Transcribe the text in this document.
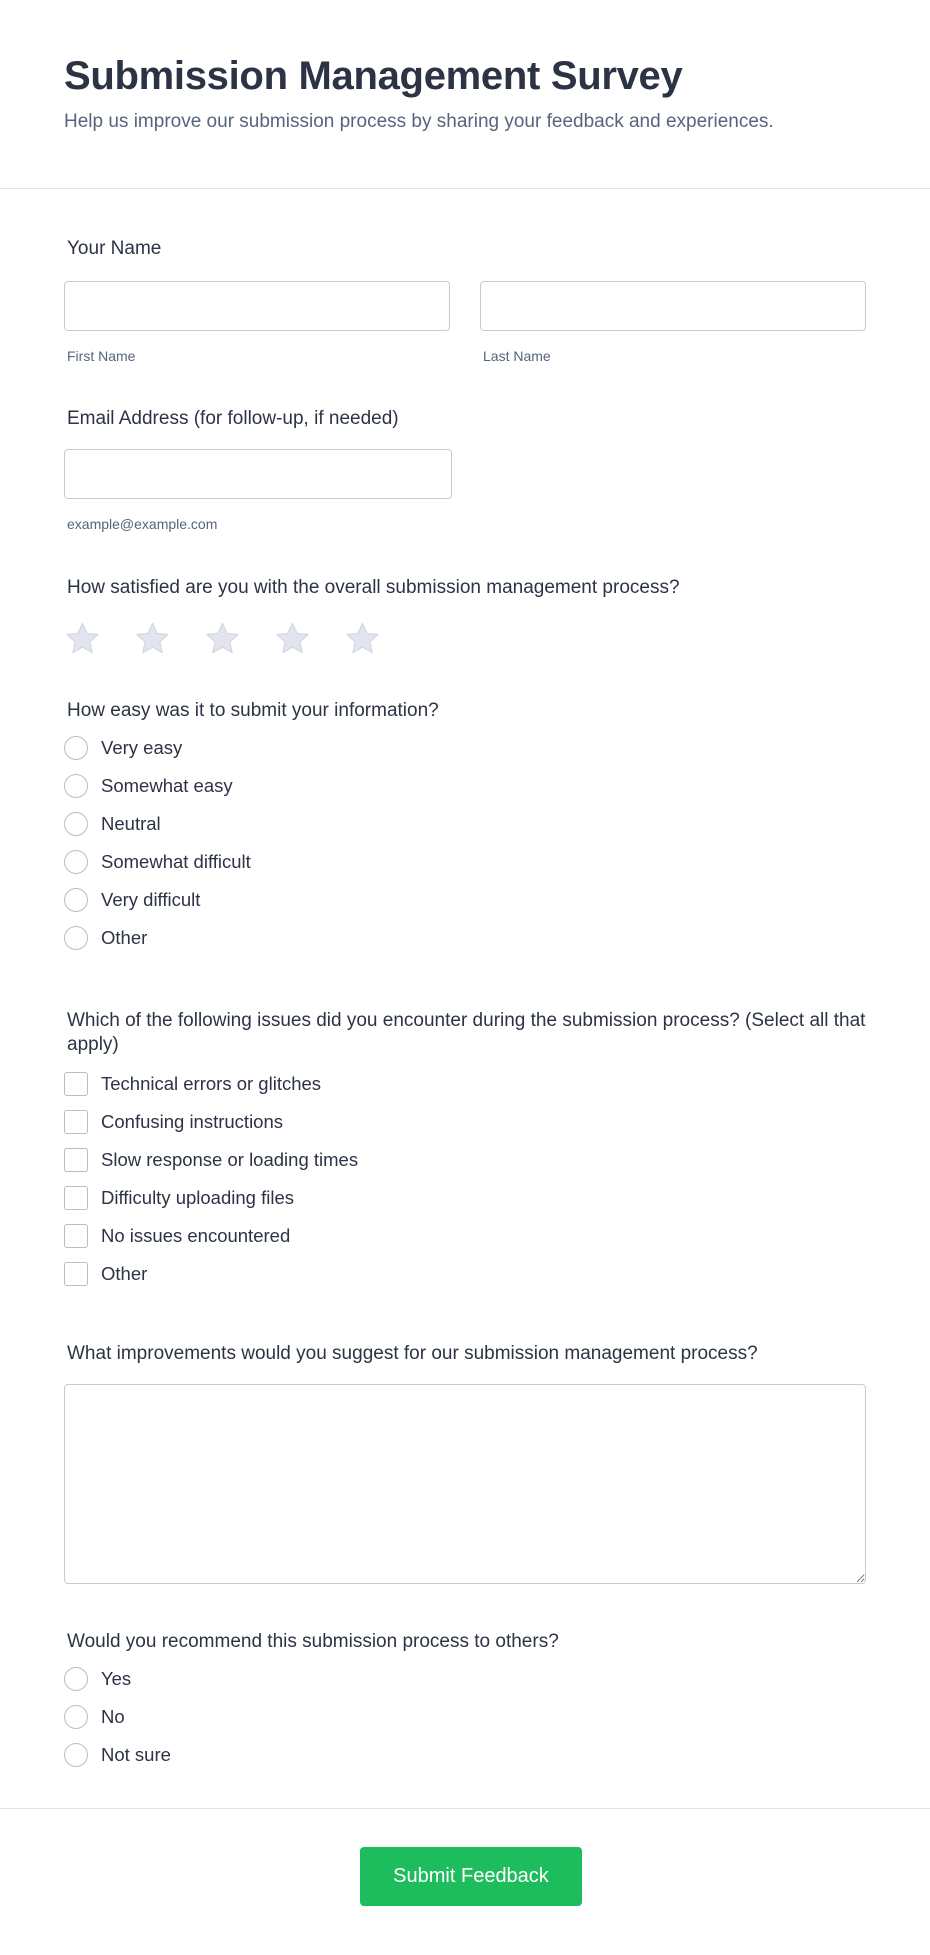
Submission Management Survey

Help us improve our submission process by sharing your feedback and experiences.

Your Name
First Name	Last Name
Email Address (for follow-up, if needed)
example@example.com
How satisfied are you with the overall submission management process?
How easy was it to submit your information?
Very easy
Somewhat easy
Neutral
Somewhat difficult
Very difficult
Other
Which of the following issues did you encounter during the submission process? (Select all that apply)
Technical errors or glitches
Confusing instructions
Slow response or loading times
Difficulty uploading files
No issues encountered
Other
What improvements would you suggest for our submission management process?
Would you recommend this submission process to others?
Yes
No
Not sure
Submit Feedback
